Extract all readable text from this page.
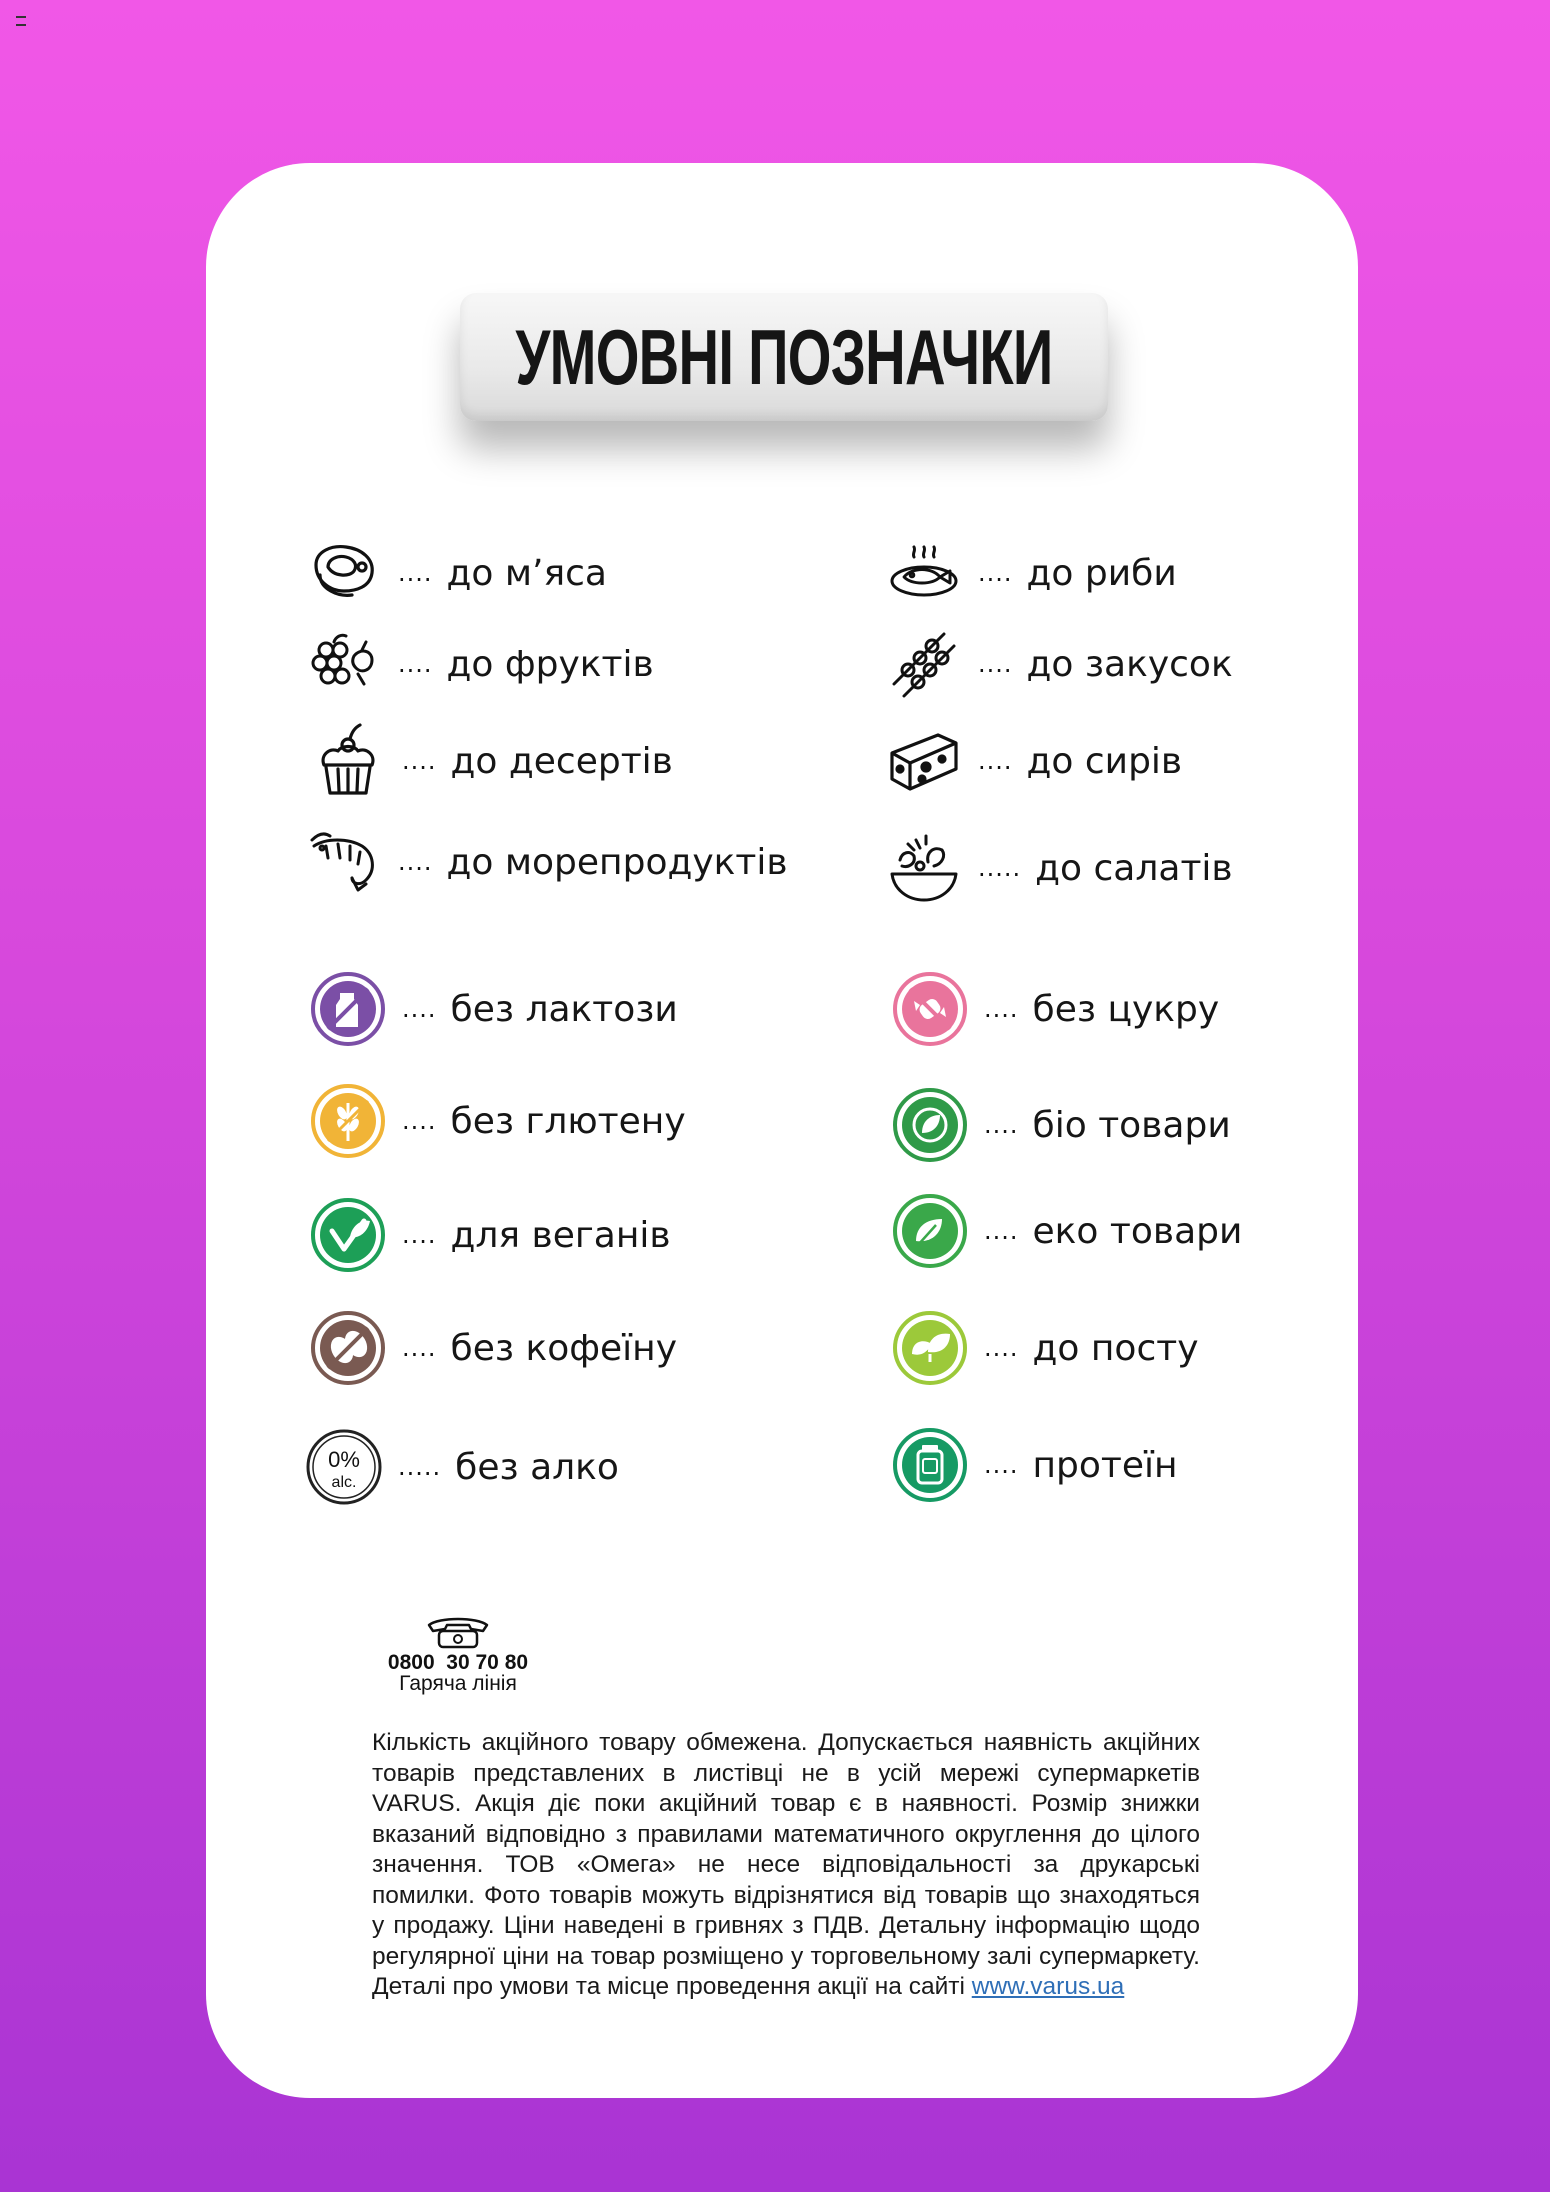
УМОВНІ ПОЗНАЧКИ
.... до м’яса
.... до фруктів
.... до десертів
.... до морепродуктів
.... до риби
.... до закусок
.... до сирів
..... до салатів
.... без лактози
.... без глютену
.... для веганів
.... без кофеїну
0%
alc.
..... без алко
.... без цукру
.... біо товари
.... еко товари
.... до посту
.... протеїн
0800  30 70 80
Гаряча лінія
Кількість акційного товару обмежена. Допускається наявність акційних товарів представлених в листівці не в усій мережі супермаркетів VARUS. Акція діє поки акційний товар є в наявності. Розмір знижки вказаний відповідно з правилами математичного округлення до цілого значення. ТОВ «Омега» не несе відповідальності за друкарські помилки. Фото товарів можуть відрізнятися від товарів що знаходяться у продажу. Ціни наведені в гривнях з ПДВ. Детальну інформацію щодо регулярної ціни на товар розміщено у торговельному залі супермаркету. Деталі про умови та місце проведення акції на сайті www.varus.ua
